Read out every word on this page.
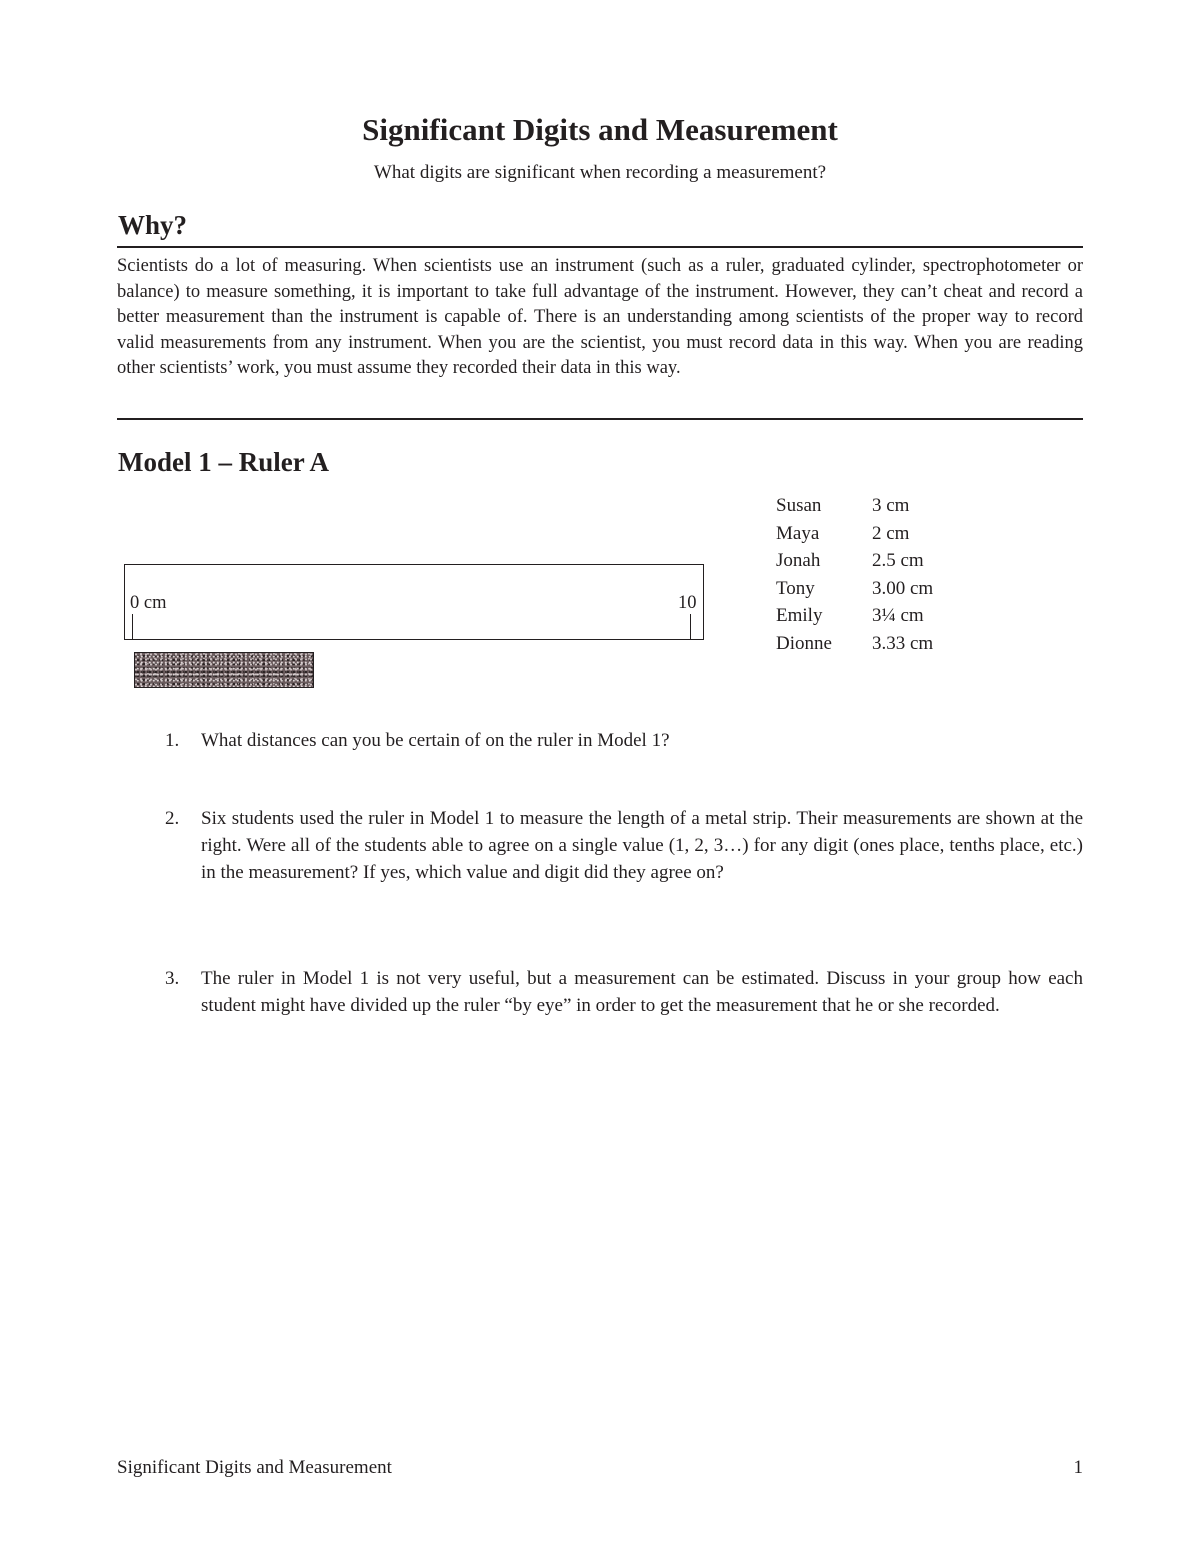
Significant Digits and Measurement

What digits are significant when recording a measurement?

Why?

Scientists do a lot of measuring. When scientists use an instrument (such as a ruler, graduated cylinder, spectrophotometer or balance) to measure something, it is important to take full advantage of the instrument. However, they can’t cheat and record a better measurement than the instrument is capable of. There is an understanding among scientists of the proper way to record valid measurements from any instrument. When you are the scientist, you must record data in this way. When you are reading other scientists’ work, you must assume they recorded their data in this way.

Model 1 – Ruler A
0 cm	10
Susan	3 cm
Maya	2 cm
Jonah	2.5 cm
Tony	3.00 cm
Emily	3¼ cm
Dionne	3.33 cm
1.	What distances can you be certain of on the ruler in Model 1?
2.	Six students used the ruler in Model 1 to measure the length of a metal strip. Their measurements are shown at the right. Were all of the students able to agree on a single value (1, 2, 3…) for any digit (ones place, tenths place, etc.) in the measurement? If yes, which value and digit did they agree on?
3.	The ruler in Model 1 is not very useful, but a measurement can be estimated. Discuss in your group how each student might have divided up the ruler “by eye” in order to get the measurement that he or she recorded.
Significant Digits and Measurement	1
